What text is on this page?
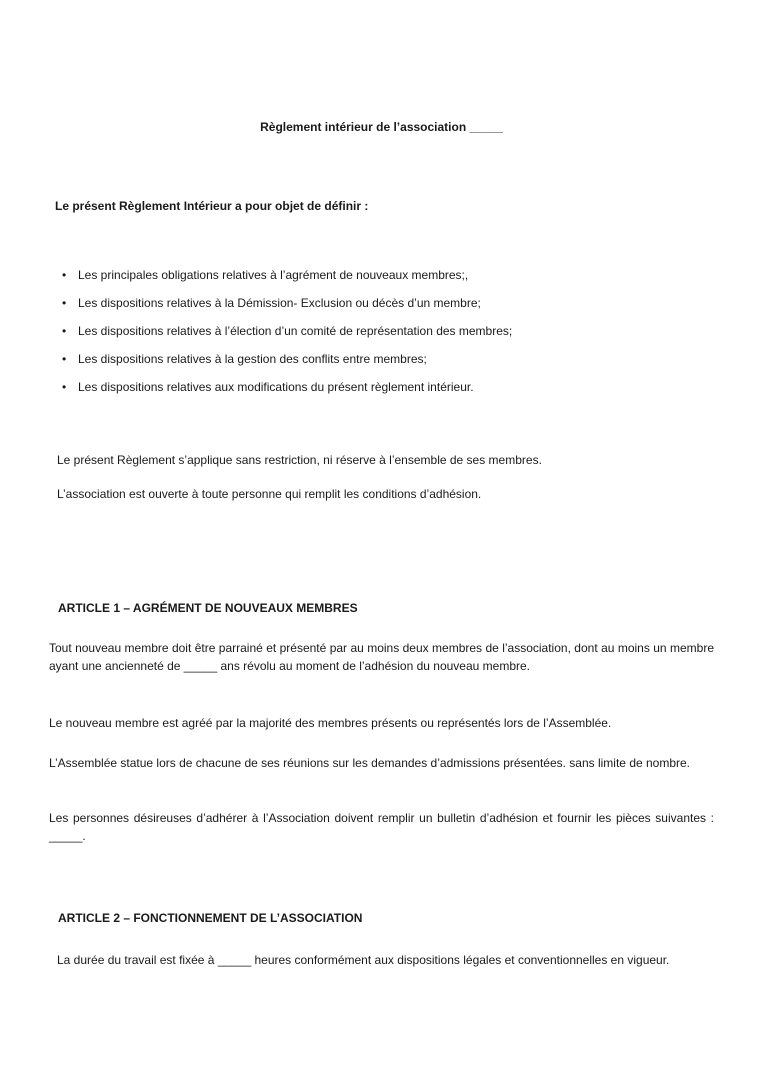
Règlement intérieur de l’association _____

Le présent Règlement Intérieur a pour objet de définir :

• Les principales obligations relatives à l’agrément de nouveaux membres;,
• Les dispositions relatives à la Démission- Exclusion ou décès d’un membre;
• Les dispositions relatives à l’élection d’un comité de représentation des membres;
• Les dispositions relatives à la gestion des conflits entre membres;
• Les dispositions relatives aux modifications du présent règlement intérieur.

Le présent Règlement s’applique sans restriction, ni réserve à l’ensemble de ses membres.

L’association est ouverte à toute personne qui remplit les conditions d’adhésion.

ARTICLE 1 – AGRÉMENT DE NOUVEAUX MEMBRES

Tout nouveau membre doit être parrainé et présenté par au moins deux membres de l’association, dont au moins un membre ayant une ancienneté de _____ ans révolu au moment de l’adhésion du nouveau membre.

Le nouveau membre est agréé par la majorité des membres présents ou représentés lors de l’Assemblée.

L’Assemblée statue lors de chacune de ses réunions sur les demandes d’admissions présentées. sans limite de nombre.

Les personnes désireuses d’adhérer à l’Association doivent remplir un bulletin d’adhésion et fournir les pièces suivantes : _____.

ARTICLE 2 – FONCTIONNEMENT DE L’ASSOCIATION

La durée du travail est fixée à _____ heures conformément aux dispositions légales et conventionnelles en vigueur.
